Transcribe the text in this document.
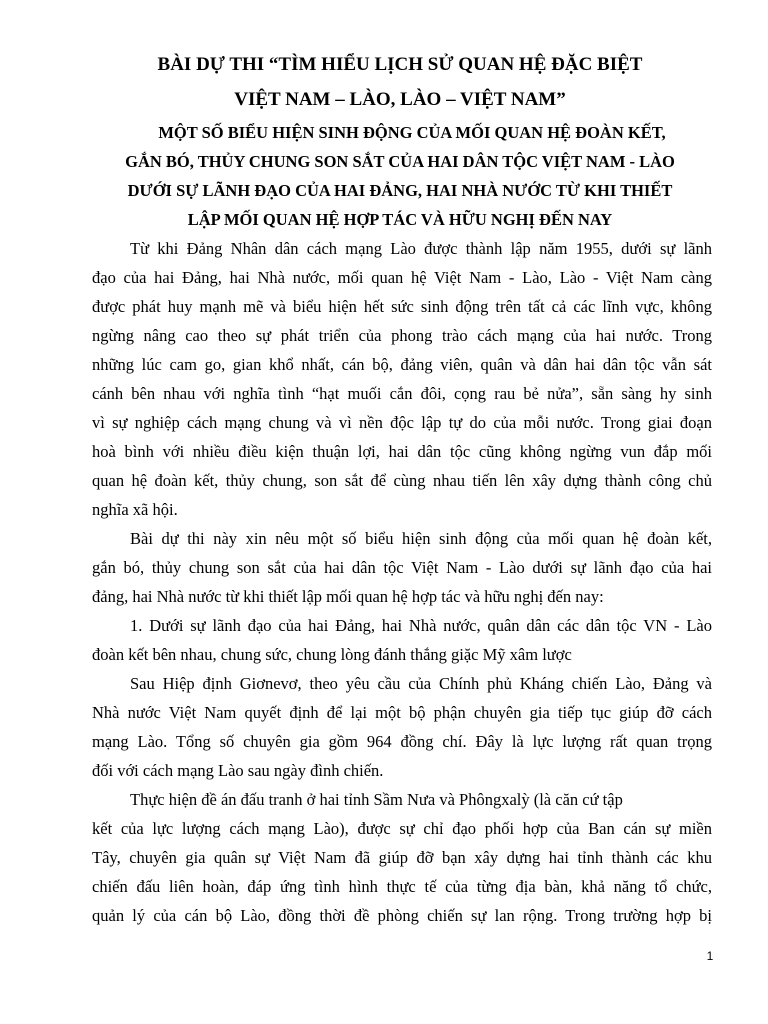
BÀI DỰ THI “TÌM HIỂU LỊCH SỬ QUAN HỆ ĐẶC BIỆT
VIỆT NAM – LÀO, LÀO – VIỆT NAM”
MỘT SỐ BIỂU HIỆN SINH ĐỘNG CỦA MỐI QUAN HỆ ĐOÀN KẾT,
GẮN BÓ, THỦY CHUNG SON SẮT CỦA HAI DÂN TỘC VIỆT NAM - LÀO
DƯỚI SỰ LÃNH ĐẠO CỦA HAI ĐẢNG, HAI NHÀ NƯỚC TỪ KHI THIẾT
LẬP MỐI QUAN HỆ HỢP TÁC VÀ HỮU NGHỊ ĐẾN NAY
Từ khi Đảng Nhân dân cách mạng Lào được thành lập năm 1955, dưới sự lãnh
đạo của hai Đảng, hai Nhà nước, mối quan hệ Việt Nam - Lào, Lào - Việt Nam càng
được phát huy mạnh mẽ và biểu hiện hết sức sinh động trên tất cả các lĩnh vực, không
ngừng nâng cao theo sự phát triển của phong trào cách mạng của hai nước. Trong
những lúc cam go, gian khổ nhất, cán bộ, đảng viên, quân và dân hai dân tộc vẫn sát
cánh bên nhau với nghĩa tình “hạt muối cắn đôi, cọng rau bẻ nửa”, sẵn sàng hy sinh
vì sự nghiệp cách mạng chung và vì nền độc lập tự do của mỗi nước. Trong giai đoạn
hoà bình với nhiều điều kiện thuận lợi, hai dân tộc cũng không ngừng vun đắp mối
quan hệ đoàn kết, thủy chung, son sắt để cùng nhau tiến lên xây dựng thành công chủ
nghĩa xã hội.
Bài dự thi này xin nêu một số biểu hiện sinh động của mối quan hệ đoàn kết,
gắn bó, thủy chung son sắt của hai dân tộc Việt Nam - Lào dưới sự lãnh đạo của hai
đảng, hai Nhà nước từ khi thiết lập mối quan hệ hợp tác và hữu nghị đến nay:
1. Dưới sự lãnh đạo của hai Đảng, hai Nhà nước, quân dân các dân tộc VN - Lào
đoàn kết bên nhau, chung sức, chung lòng đánh thắng giặc Mỹ xâm lược
Sau Hiệp định Giơnevơ, theo yêu cầu của Chính phủ Kháng chiến Lào, Đảng và
Nhà nước Việt Nam quyết định để lại một bộ phận chuyên gia tiếp tục giúp đỡ cách
mạng Lào. Tổng số chuyên gia gồm 964 đồng chí. Đây là lực lượng rất quan trọng
đối với cách mạng Lào sau ngày đình chiến.
Thực hiện đề án đấu tranh ở hai tỉnh Sầm Nưa và Phôngxalỳ (là căn cứ tập
kết của lực lượng cách mạng Lào), được sự chỉ đạo phối hợp của Ban cán sự miền
Tây, chuyên gia quân sự Việt Nam đã giúp đỡ bạn xây dựng hai tỉnh thành các khu
chiến đấu liên hoàn, đáp ứng tình hình thực tế của từng địa bàn, khả năng tổ chức,
quản lý của cán bộ Lào, đồng thời đề phòng chiến sự lan rộng. Trong trường hợp bị
1
